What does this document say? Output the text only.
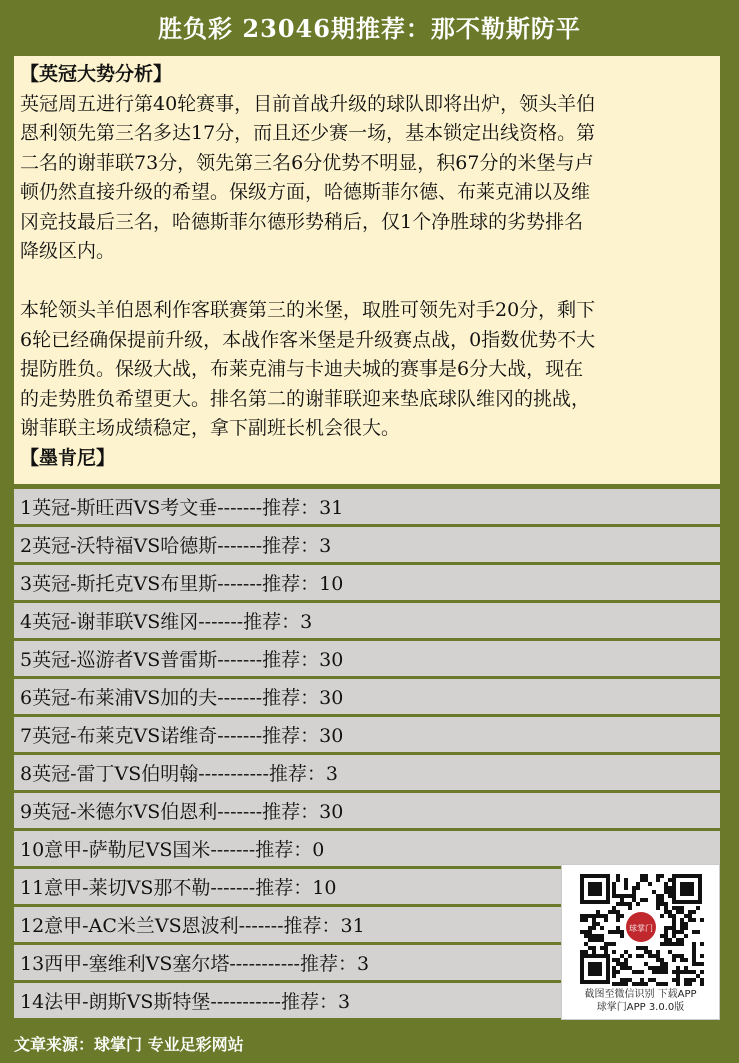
胜负彩 23046期推荐：那不勒斯防平

【英冠大势分析】

英冠周五进行第40轮赛事，目前首战升级的球队即将出炉，领头羊伯

恩利领先第三名多达17分，而且还少赛一场，基本锁定出线资格。第

二名的谢菲联73分，领先第三名6分优势不明显，积67分的米堡与卢

顿仍然直接升级的希望。保级方面，哈德斯菲尔德、布莱克浦以及维

冈竞技最后三名，哈德斯菲尔德形势稍后，仅1个净胜球的劣势排名

降级区内。

本轮领头羊伯恩利作客联赛第三的米堡，取胜可领先对手20分，剩下

6轮已经确保提前升级，本战作客米堡是升级赛点战，0指数优势不大

提防胜负。保级大战，布莱克浦与卡迪夫城的赛事是6分大战，现在

的走势胜负希望更大。排名第二的谢菲联迎来垫底球队维冈的挑战，

谢菲联主场成绩稳定，拿下副班长机会很大。

【墨肯尼】

1英冠-斯旺西VS考文垂-------推荐：31
2英冠-沃特福VS哈德斯-------推荐：3
3英冠-斯托克VS布里斯-------推荐：10
4英冠-谢菲联VS维冈-------推荐：3
5英冠-巡游者VS普雷斯-------推荐：30
6英冠-布莱浦VS加的夫-------推荐：30
7英冠-布莱克VS诺维奇-------推荐：30
8英冠-雷丁VS伯明翰-----------推荐：3
9英冠-米德尔VS伯恩利-------推荐：30
10意甲-萨勒尼VS国米-------推荐：0
11意甲-莱切VS那不勒-------推荐：10
12意甲-AC米兰VS恩波利-------推荐：31
13西甲-塞维利VS塞尔塔-----------推荐：3
14法甲-朗斯VS斯特堡-----------推荐：3
球掌门
截图至微信识别 下载APP
球掌门APP 3.0.0版
文章来源：球掌门 专业足彩网站
